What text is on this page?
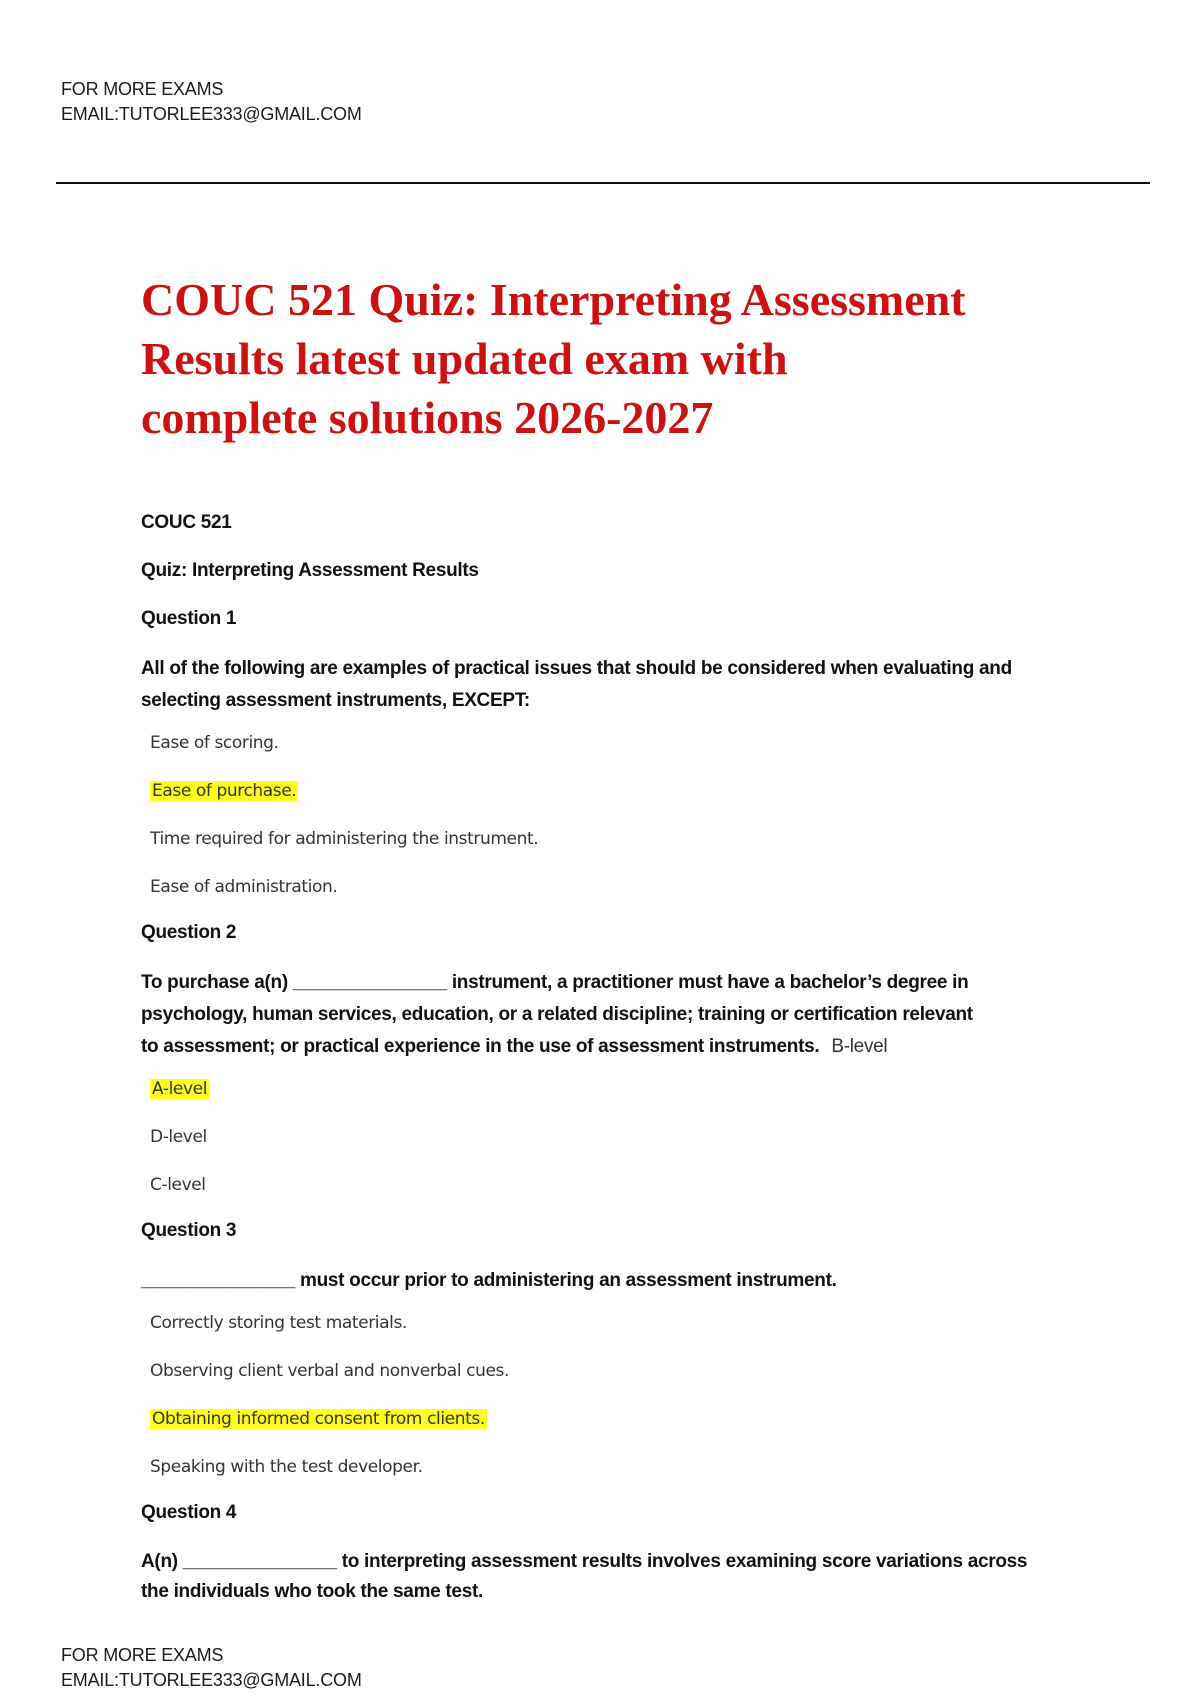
FOR MORE EXAMS
EMAIL:TUTORLEE333@GMAIL.COM
COUC 521 Quiz: Interpreting Assessment
Results latest updated exam with
complete solutions 2026-2027
COUC 521
Quiz: Interpreting Assessment Results
Question 1
All of the following are examples of practical issues that should be considered when evaluating and
selecting assessment instruments, EXCEPT:
Ease of scoring.
Ease of purchase.
Time required for administering the instrument.
Ease of administration.
Question 2
To purchase a(n) _______________ instrument, a practitioner must have a bachelor’s degree in
psychology, human services, education, or a related discipline; training or certification relevant
to assessment; or practical experience in the use of assessment instruments. B-level
A-level
D-level
C-level
Question 3
_______________ must occur prior to administering an assessment instrument.
Correctly storing test materials.
Observing client verbal and nonverbal cues.
Obtaining informed consent from clients.
Speaking with the test developer.
Question 4
A(n) _______________ to interpreting assessment results involves examining score variations across
the individuals who took the same test.
FOR MORE EXAMS
EMAIL:TUTORLEE333@GMAIL.COM
